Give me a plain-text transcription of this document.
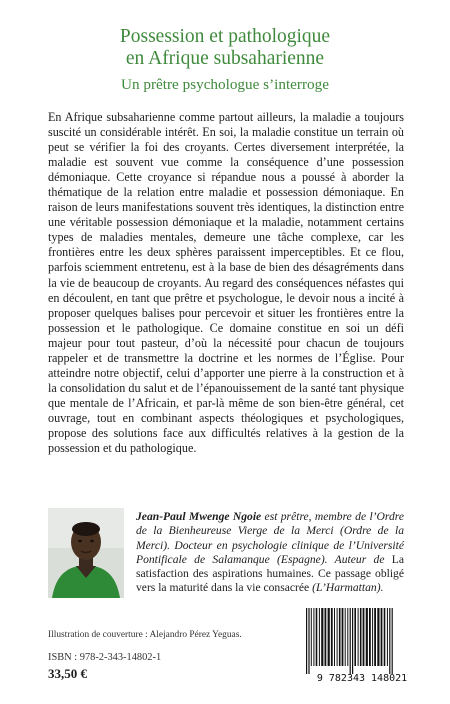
Possession et pathologique
en Afrique subsaharienne
Un prêtre psychologue s’interroge

En Afrique subsaharienne comme partout ailleurs, la maladie a toujours suscité un considérable intérêt. En soi, la maladie constitue un terrain où peut se vérifier la foi des croyants. Certes diversement interprétée, la maladie est souvent vue comme la conséquence d’une possession démoniaque. Cette croyance si répandue nous a poussé à aborder la thématique de la relation entre maladie et possession démoniaque. En raison de leurs manifestations souvent très identiques, la distinction entre une véritable possession démoniaque et la maladie, notamment certains types de maladies mentales, demeure une tâche complexe, car les frontières entre les deux sphères paraissent imperceptibles. Et ce flou, parfois sciemment entretenu, est à la base de bien des désagréments dans la vie de beaucoup de croyants. Au regard des conséquences néfastes qui en découlent, en tant que prêtre et psychologue, le devoir nous a incité à proposer quelques balises pour percevoir et situer les frontières entre la possession et le pathologique. Ce domaine constitue en soi un défi majeur pour tout pasteur, d’où la nécessité pour chacun de toujours rappeler et de transmettre la doctrine et les normes de l’Église. Pour atteindre notre objectif, celui d’apporter une pierre à la construction et à la consolidation du salut et de l’épanouissement de la santé tant physique que mentale de l’Africain, et par-là même de son bien-être général, cet ouvrage, tout en combinant aspects théologiques et psychologiques, propose des solutions face aux difficultés relatives à la gestion de la possession et du pathologique.

Jean-Paul Mwenge Ngoie est prêtre, membre de l’Ordre de la Bienheureuse Vierge de la Merci (Ordre de la Merci). Docteur en psychologie clinique de l’Université Pontificale de Salamanque (Espagne). Auteur de La satisfaction des aspirations humaines. Ce passage obligé vers la maturité dans la vie consacrée (L’Harmattan).

Illustration de couverture : Alejandro Pérez Yeguas.
ISBN : 978-2-343-14802-1
33,50 €	9 782343 148021
